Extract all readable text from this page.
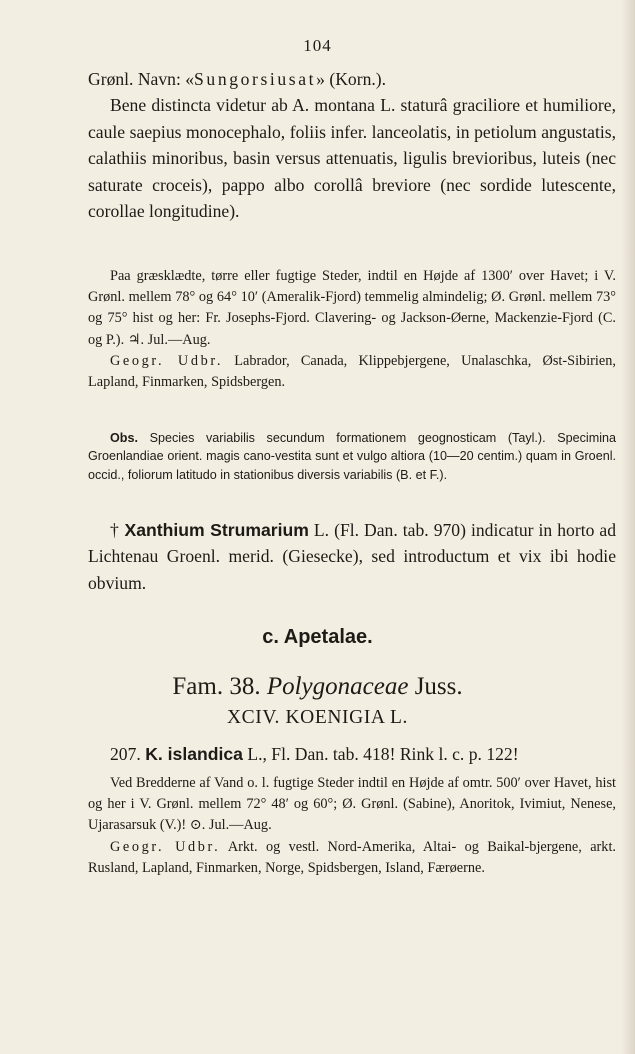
104

Grønl. Navn: «Sungorsiusat» (Korn.).

Bene distincta videtur ab A. montana L. staturâ graciliore et humiliore, caule saepius monocephalo, foliis infer. lanceolatis, in petiolum angustatis, calathiis minoribus, basin versus attenuatis, ligulis brevioribus, luteis (nec saturate croceis), pappo albo corollâ breviore (nec sordide lutescente, corollae longitudine).

Paa græsklædte, tørre eller fugtige Steder, indtil en Højde af 1300′ over Havet; i V. Grønl. mellem 78° og 64° 10′ (Ameralik-Fjord) temmelig almindelig; Ø. Grønl. mellem 73° og 75° hist og her: Fr. Josephs-Fjord. Clavering- og Jackson-Øerne, Mackenzie-Fjord (C. og P.). ♃. Jul.—Aug.

Geogr. Udbr. Labrador, Canada, Klippebjergene, Unalaschka, Øst-Sibirien, Lapland, Finmarken, Spidsbergen.

Obs. Species variabilis secundum formationem geognosticam (Tayl.). Specimina Groenlandiae orient. magis cano-vestita sunt et vulgo altiora (10—20 centim.) quam in Groenl. occid., foliorum latitudo in stationibus diversis variabilis (B. et F.).

† Xanthium Strumarium L. (Fl. Dan. tab. 970) indicatur in horto ad Lichtenau Groenl. merid. (Giesecke), sed introductum et vix ibi hodie obvium.

c. Apetalae.
Fam. 38. Polygonaceae Juss.
XCIV. KOENIGIA L.

207. K. islandica L., Fl. Dan. tab. 418! Rink l. c. p. 122!

Ved Bredderne af Vand o. l. fugtige Steder indtil en Højde af omtr. 500′ over Havet, hist og her i V. Grønl. mellem 72° 48′ og 60°; Ø. Grønl. (Sabine), Anoritok, Ivimiut, Nenese, Ujarasarsuk (V.)! ⊙. Jul.—Aug.

Geogr. Udbr. Arkt. og vestl. Nord-Amerika, Altai- og Baikal-bjergene, arkt. Rusland, Lapland, Finmarken, Norge, Spidsbergen, Island, Færøerne.
